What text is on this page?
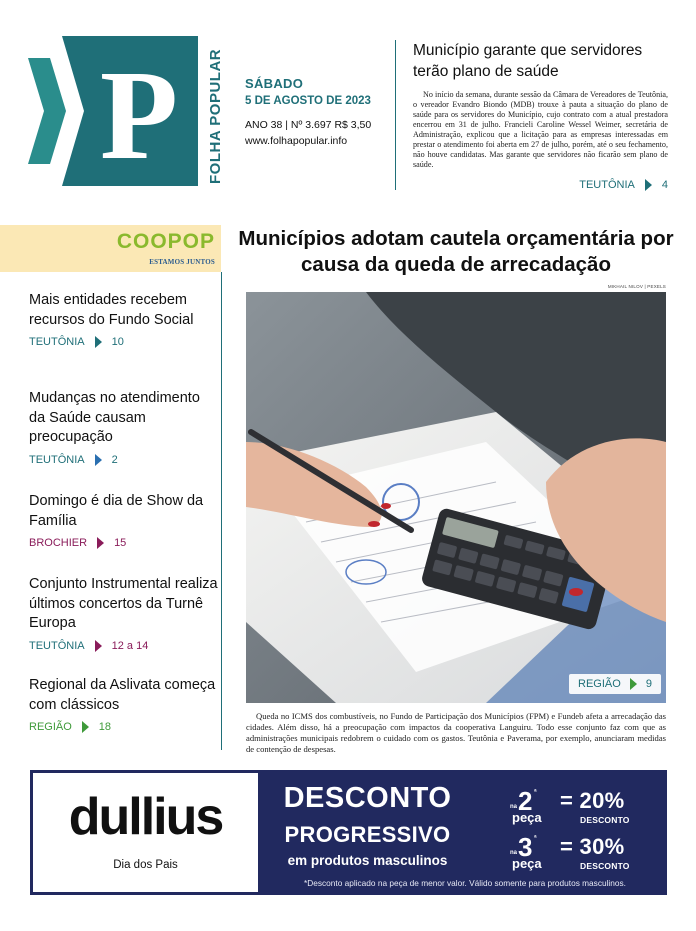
P FOLHA POPULAR SÁBADO
5 DE AGOSTO DE 2023
ANO 38 | Nº 3.697 R$ 3,50
www.folhapopular.info
Município garante que servidores terão plano de saúde

No início da semana, durante sessão da Câmara de Vereadores de Teutônia, o vereador Evandro Biondo (MDB) trouxe à pauta a situação do plano de saúde para os servidores do Município, cujo contrato com a atual prestadora encerrou em 31 de julho. Francieli Caroline Wessel Weimer, secretária de Administração, explicou que a licitação para as empresas interessadas em prestar o atendimento foi aberta em 27 de julho, porém, até o seu fechamento, não houve candidatas. Mas garante que servidores não ficarão sem plano de saúde.

TEUTÔNIA 4
COOPOP
ESTAMOS JUNTOS
Mais entidades recebem recursos do Fundo Social
TEUTÔNIA 10
Mudanças no atendimento da Saúde causam preocupação
TEUTÔNIA 2
Domingo é dia de Show da Família
BROCHIER 15
Conjunto Instrumental realiza últimos concertos da Turnê Europa
TEUTÔNIA 12 a 14
Regional da Aslivata começa com clássicos
REGIÃO 18
Municípios adotam cautela orçamentária por causa da queda de arrecadação
MIKHAIL NILOV | PEXELS
REGIÃO 9

Queda no ICMS dos combustíveis, no Fundo de Participação dos Municípios (FPM) e Fundeb afeta a arrecadação das cidades. Além disso, há a preocupação com impactos da cooperativa Languiru. Todo esse conjunto faz com que as administrações municipais redobrem o cuidado com os gastos. Teutônia e Paverama, por exemplo, anunciaram medidas de contenção de despesas.

dullius
Dia dos Pais
DESCONTO
PROGRESSIVO
em produtos masculinos
na 2 ª
peça
= 20%
DESCONTO
na 3 ª
peça
= 30%
DESCONTO
*Desconto aplicado na peça de menor valor. Válido somente para produtos masculinos.
